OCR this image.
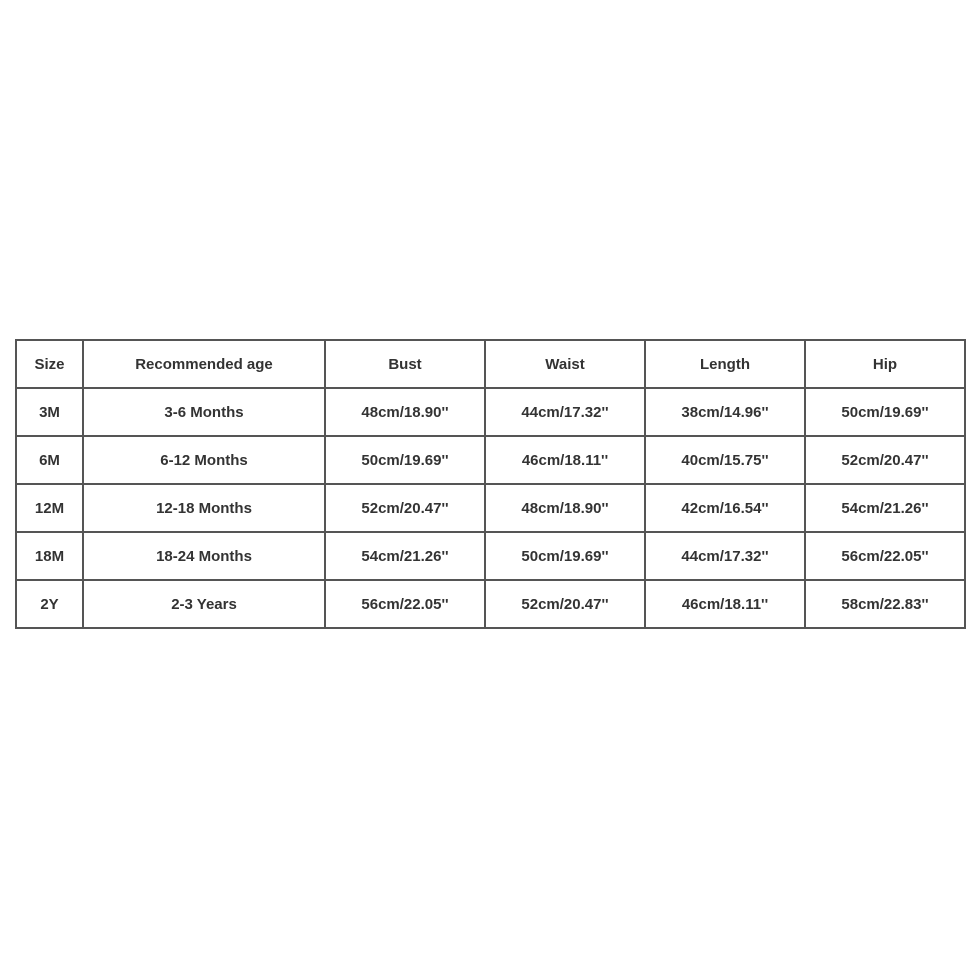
Size	Recommended age	Bust	Waist	Length	Hip
3M	3-6 Months	48cm/18.90''	44cm/17.32''	38cm/14.96''	50cm/19.69''
6M	6-12 Months	50cm/19.69''	46cm/18.11''	40cm/15.75''	52cm/20.47''
12M	12-18 Months	52cm/20.47''	48cm/18.90''	42cm/16.54''	54cm/21.26''
18M	18-24 Months	54cm/21.26''	50cm/19.69''	44cm/17.32''	56cm/22.05''
2Y	2-3 Years	56cm/22.05''	52cm/20.47''	46cm/18.11''	58cm/22.83''
